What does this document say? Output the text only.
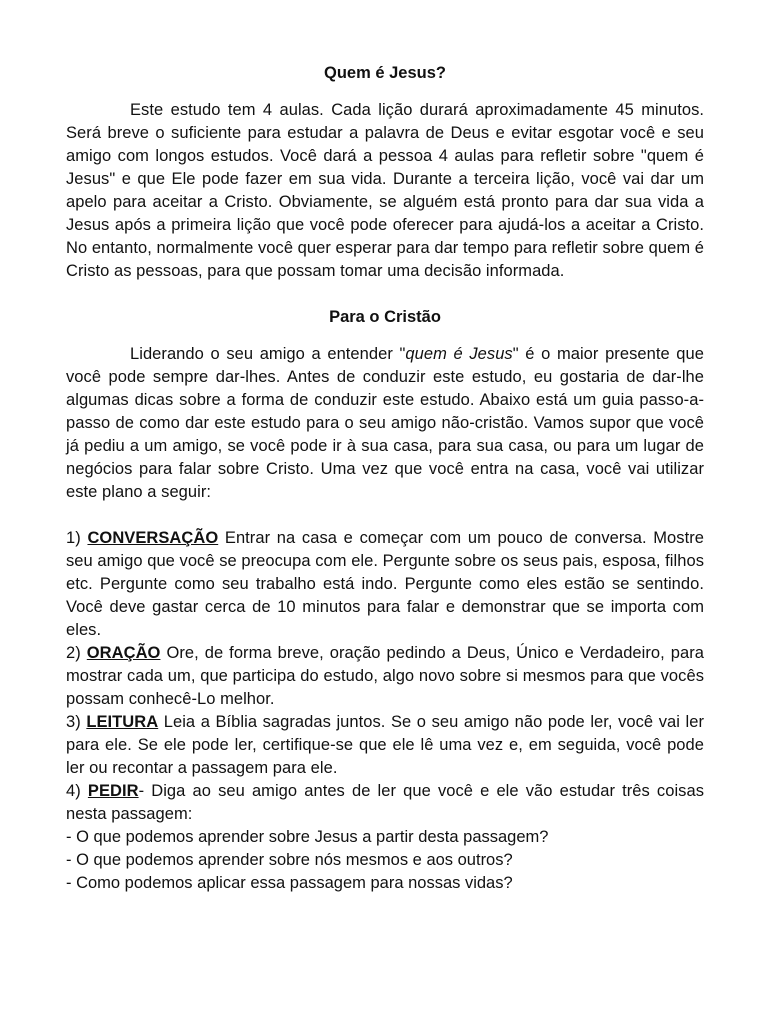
Quem é Jesus?

Este estudo tem 4 aulas. Cada lição durará aproximadamente 45 minutos. Será breve o suficiente para estudar a palavra de Deus e evitar esgotar você e seu amigo com longos estudos. Você dará a pessoa 4 aulas para refletir sobre "quem é Jesus" e que Ele pode fazer em sua vida. Durante a terceira lição, você vai dar um apelo para aceitar a Cristo. Obviamente, se alguém está pronto para dar sua vida a Jesus após a primeira lição que você pode oferecer para ajudá-los a aceitar a Cristo. No entanto, normalmente você quer esperar para dar tempo para refletir sobre quem é Cristo as pessoas, para que possam tomar uma decisão informada.

Para o Cristão

Liderando o seu amigo a entender "quem é Jesus" é o maior presente que você pode sempre dar-lhes. Antes de conduzir este estudo, eu gostaria de dar-lhe algumas dicas sobre a forma de conduzir este estudo. Abaixo está um guia passo-a-passo de como dar este estudo para o seu amigo não-cristão. Vamos supor que você já pediu a um amigo, se você pode ir à sua casa, para sua casa, ou para um lugar de negócios para falar sobre Cristo. Uma vez que você entra na casa, você vai utilizar este plano a seguir:

1) CONVERSAÇÃO Entrar na casa e começar com um pouco de conversa. Mostre seu amigo que você se preocupa com ele. Pergunte sobre os seus pais, esposa, filhos etc. Pergunte como seu trabalho está indo. Pergunte como eles estão se sentindo. Você deve gastar cerca de 10 minutos para falar e demonstrar que se importa com eles.

2) ORAÇÃO Ore, de forma breve, oração pedindo a Deus, Único e Verdadeiro, para mostrar cada um, que participa do estudo, algo novo sobre si mesmos para que vocês possam conhecê-Lo melhor.

3) LEITURA Leia a Bíblia sagradas juntos. Se o seu amigo não pode ler, você vai ler para ele. Se ele pode ler, certifique-se que ele lê uma vez e, em seguida, você pode ler ou recontar a passagem para ele.

4) PEDIR- Diga ao seu amigo antes de ler que você e ele vão estudar três coisas nesta passagem:

- O que podemos aprender sobre Jesus a partir desta passagem?

- O que podemos aprender sobre nós mesmos e aos outros?

- Como podemos aplicar essa passagem para nossas vidas?
